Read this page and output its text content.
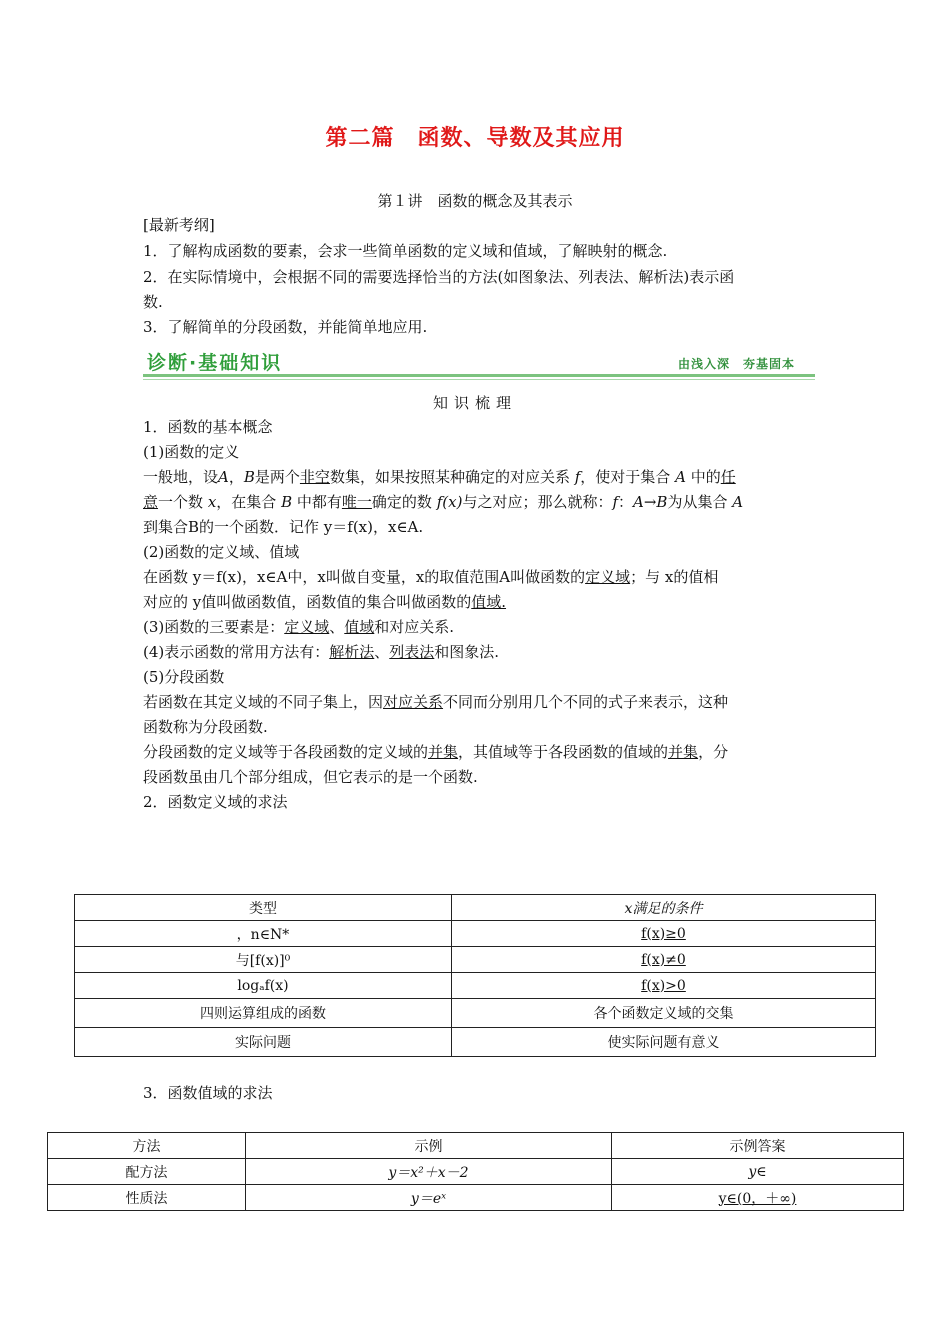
第二篇　函数、导数及其应用
第１讲　函数的概念及其表示
[最新考纲]
1．了解构成函数的要素，会求一些简单函数的定义域和值域，了解映射的概念.
2．在实际情境中，会根据不同的需要选择恰当的方法(如图象法、列表法、解析法)表示函
数.
3．了解简单的分段函数，并能简单地应用.
诊断·基础知识	由浅入深　夯基固本
知识梳理
1．函数的基本概念
(1)函数的定义
一般地，设A，B是两个非空数集，如果按照某种确定的对应关系 f，使对于集合 A 中的任
意一个数 x，在集合 B 中都有唯一确定的数 f(x)与之对应；那么就称：f：A→B为从集合 A
到集合B的一个函数．记作 y＝f(x)，x∈A.
(2)函数的定义域、值域
在函数 y＝f(x)，x∈A中，x叫做自变量，x的取值范围A叫做函数的定义域；与 x的值相
对应的 y值叫做函数值，函数值的集合叫做函数的值域.
(3)函数的三要素是：定义域、值域和对应关系.
(4)表示函数的常用方法有：解析法、列表法和图象法.
(5)分段函数
若函数在其定义域的不同子集上，因对应关系不同而分别用几个不同的式子来表示，这种
函数称为分段函数.
分段函数的定义域等于各段函数的定义域的并集，其值域等于各段函数的值域的并集，分
段函数虽由几个部分组成，但它表示的是一个函数.
2．函数定义域的求法
类型	x满足的条件
，n∈N*	f(x)≥0
与[f(x)]⁰	f(x)≠0
logₐf(x)	f(x)>0
四则运算组成的函数	各个函数定义域的交集
实际问题	使实际问题有意义
3．函数值域的求法
方法	示例	示例答案
配方法	y＝x²＋x－2	y∈
性质法	y＝eˣ	y∈(0，＋∞)
